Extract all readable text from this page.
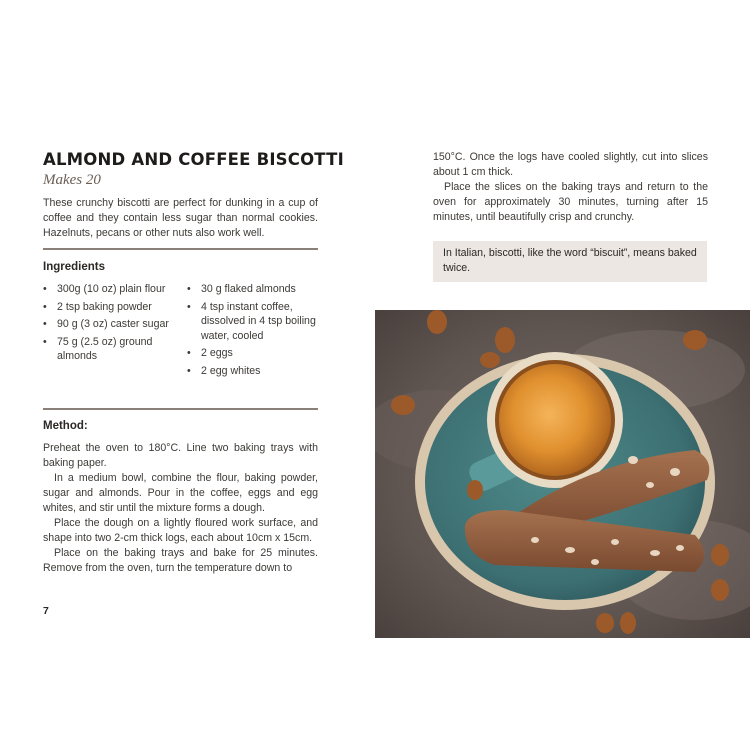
ALMOND AND COFFEE BISCOTTI
Makes 20

These crunchy biscotti are perfect for dunking in a cup of coffee and they contain less sugar than normal cookies. Hazelnuts, pecans or other nuts also work well.

Ingredients
• 300g (10 oz) plain flour
• 2 tsp baking powder
• 90 g (3 oz) caster sugar
• 75 g (2.5 oz) ground almonds
• 30 g flaked almonds
• 4 tsp instant coffee, dissolved in 4 tsp boiling water, cooled
• 2 eggs
• 2 egg whites
Method:

Preheat the oven to 180°C. Line two baking trays with baking paper.

In a medium bowl, combine the flour, baking powder, sugar and almonds. Pour in the coffee, eggs and egg whites, and stir until the mixture forms a dough.

Place the dough on a lightly floured work surface, and shape into two 2-cm thick logs, each about 10cm x 15cm.

Place on the baking trays and bake for 25 minutes. Remove from the oven, turn the temperature down to

7

150°C. Once the logs have cooled slightly, cut into slices about 1 cm thick.

Place the slices on the baking trays and return to the oven for approximately 30 minutes, turning after 15 minutes, until beautifully crisp and crunchy.

In Italian, biscotti, like the word “biscuit”, means baked twice.
